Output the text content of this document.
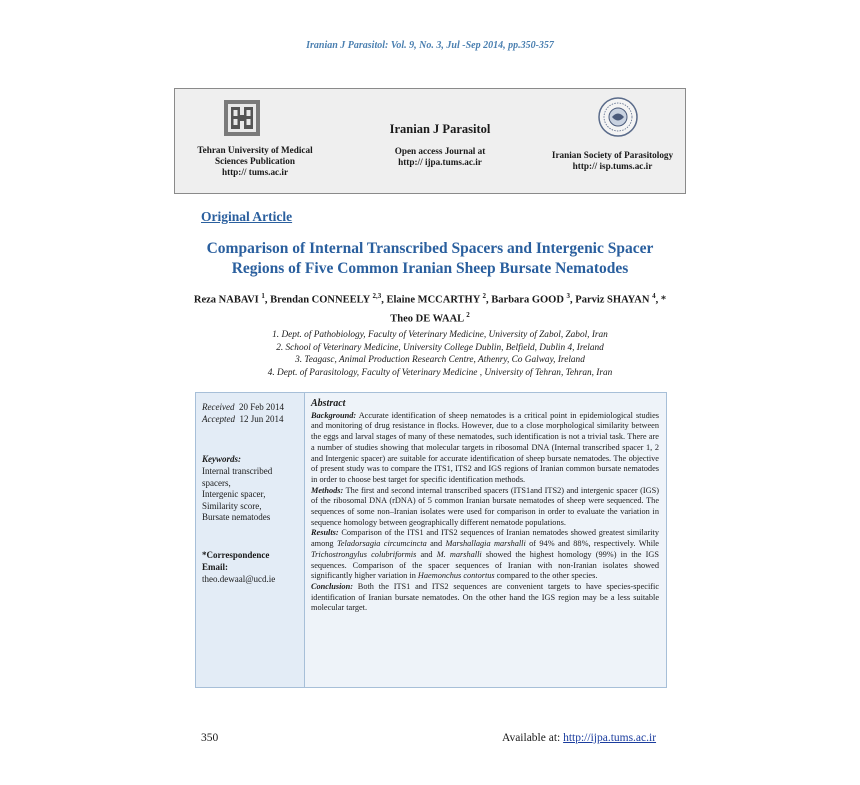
Iranian J Parasitol: Vol. 9, No. 3, Jul -Sep 2014, pp.350-357
Tehran University of Medical
Sciences Publication
http:// tums.ac.ir
Iranian J Parasitol
Open access Journal at
http:// ijpa.tums.ac.ir
Iranian Society of Parasitology
http:// isp.tums.ac.ir
Original Article
Comparison of Internal Transcribed Spacers and Intergenic Spacer
Regions of Five Common Iranian Sheep Bursate Nematodes
Reza NABAVI $^1$, Brendan CONNEELY $^{2,3}$, Elaine MCCARTHY $^2$, Barbara GOOD $^3$, Parviz SHAYAN $^4$, * Theo DE WAAL $^2$
1. Dept. of Pathobiology, Faculty of Veterinary Medicine, University of Zabol, Zabol, Iran
2. School of Veterinary Medicine, University College Dublin, Belfield, Dublin 4, Ireland
3. Teagasc, Animal Production Research Centre, Athenry, Co Galway, Ireland
4. Dept. of Parasitology, Faculty of Veterinary Medicine , University of Tehran, Tehran, Iran
Received 20 Feb 2014
Accepted 12 Jun 2014
Keywords:
Internal transcribed
spacers,
Intergenic spacer,
Similarity score,
Bursate nematodes
*Correspondence
Email:
theo.dewaal@ucd.ie
Abstract
Background: Accurate identification of sheep nematodes is a critical point in epidemiological studies and monitoring of drug resistance in flocks. However, due to a close morphological similarity between the eggs and larval stages of many of these nematodes, such identification is not a trivial task. There are a number of studies showing that molecular targets in ribosomal DNA (Internal transcribed spacer 1, 2 and Intergenic spacer) are suitable for accurate identification of sheep bursate nematodes. The objective of present study was to compare the ITS1, ITS2 and IGS regions of Iranian common bursate nematodes in order to choose best target for specific identification methods.
Methods: The first and second internal transcribed spacers (ITS1and ITS2) and intergenic spacer (IGS) of the ribosomal DNA (rDNA) of 5 common Iranian bursate nematodes of sheep were sequenced. The sequences of some non–Iranian isolates were used for comparison in order to evaluate the variation in sequence homology between geographically different nematode populations.
Results: Comparison of the ITS1 and ITS2 sequences of Iranian nematodes showed greatest similarity among Teladorsagia circumcincta and Marshallagia marshalli of 94% and 88%, respectively. While Trichostrongylus colubriformis and M. marshalli showed the highest homology (99%) in the IGS sequences. Comparison of the spacer sequences of Iranian with non-Iranian isolates showed significantly higher variation in Haemonchus contortus compared to the other species.
Conclusion: Both the ITS1 and ITS2 sequences are convenient targets to have species-specific identification of Iranian bursate nematodes. On the other hand the IGS region may be a less suitable molecular target.
350	Available at: http://ijpa.tums.ac.ir
